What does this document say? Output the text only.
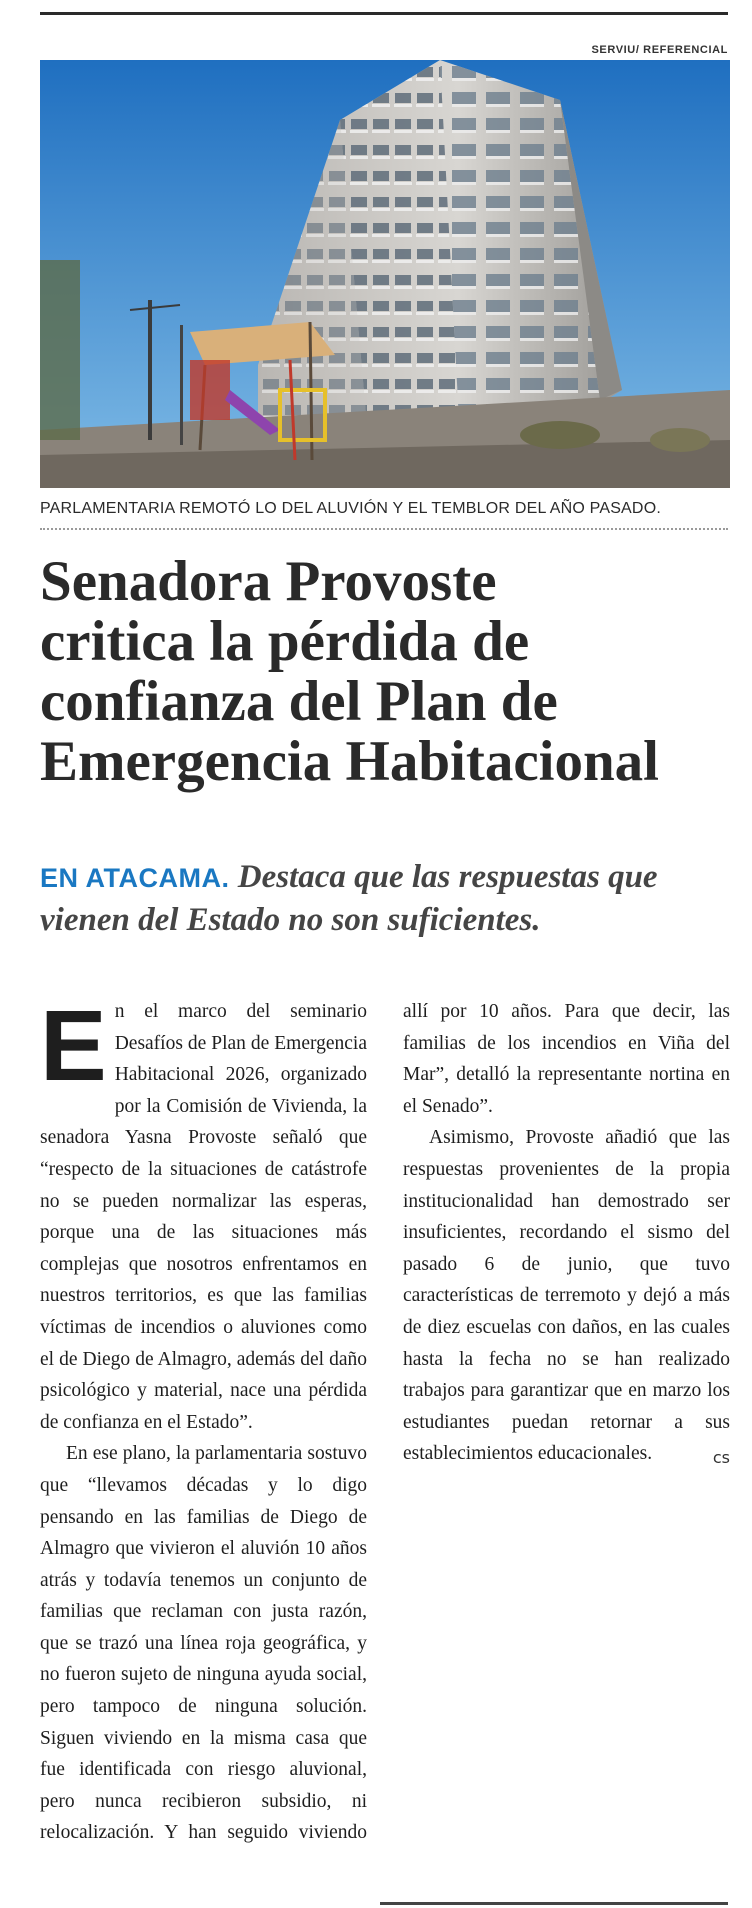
SERVIU/ REFERENCIAL
PARLAMENTARIA REMOTÓ LO DEL ALUVIÓN Y EL TEMBLOR DEL AÑO PASADO.
Senadora Provoste
critica la pérdida de
confianza del Plan de
Emergencia Habitacional
EN ATACAMA. Destaca que las respuestas que vienen del Estado no son suficientes.

En el marco del seminario Desafíos de Plan de Emergencia Habitacional 2026, organizado por la Comisión de Vivienda, la senadora Yasna Provoste señaló que “respecto de la situaciones de catástrofe no se pueden normalizar las esperas, porque una de las situaciones más complejas que nosotros enfrentamos en nuestros territorios, es que las familias víctimas de incendios o aluviones como el de Diego de Almagro, además del daño psicológico y material, nace una pérdida de confianza en el Estado”.

En ese plano, la parlamentaria sostuvo que “llevamos décadas y lo digo pensando en las familias de Diego de Almagro que vivieron el aluvión 10 años atrás y todavía tenemos un conjunto de familias que reclaman con justa razón, que se trazó una línea roja geográfica, y no fueron sujeto de ninguna ayuda social, pero tampoco de ninguna solución. Siguen viviendo en la misma casa que fue identificada con riesgo aluvional, pero nunca recibieron subsidio, ni relocalización. Y han seguido viviendo allí por 10 años. Para que decir, las familias de los incendios en Viña del Mar”, detalló la representante nortina en el Senado”.

Asimismo, Provoste añadió que las respuestas provenientes de la propia institucionalidad han demostrado ser insuficientes, recordando el sismo del pasado 6 de junio, que tuvo características de terremoto y dejó a más de diez escuelas con daños, en las cuales hasta la fecha no se han realizado trabajos para garantizar que en marzo los estudiantes puedan retornar a sus establecimientos educacionales.	cs
